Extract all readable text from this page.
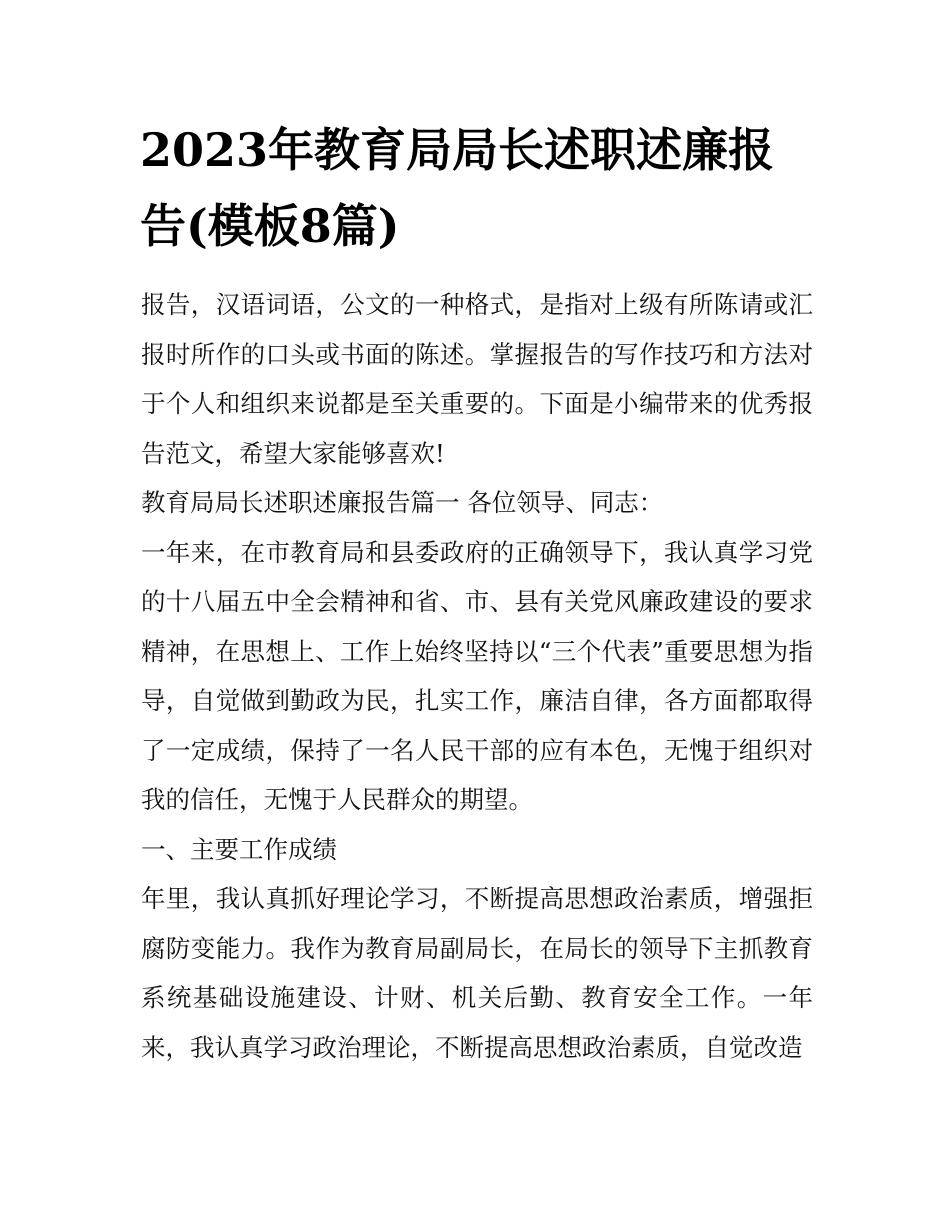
2023年教育局局长述职述廉报告(模板8篇)

报告，汉语词语，公文的一种格式，是指对上级有所陈请或汇报时所作的口头或书面的陈述。掌握报告的写作技巧和方法对于个人和组织来说都是至关重要的。下面是小编带来的优秀报告范文，希望大家能够喜欢!

教育局局长述职述廉报告篇一 各位领导、同志：

一年来，在市教育局和县委政府的正确领导下，我认真学习党的十八届五中全会精神和省、市、县有关党风廉政建设的要求精神，在思想上、工作上始终坚持以“三个代表”重要思想为指导，自觉做到勤政为民，扎实工作，廉洁自律，各方面都取得了一定成绩，保持了一名人民干部的应有本色，无愧于组织对我的信任，无愧于人民群众的期望。

一、主要工作成绩

年里，我认真抓好理论学习，不断提高思想政治素质，增强拒腐防变能力。我作为教育局副局长，在局长的领导下主抓教育系统基础设施建设、计财、机关后勤、教育安全工作。一年来，我认真学习政治理论，不断提高思想政治素质，自觉改造
